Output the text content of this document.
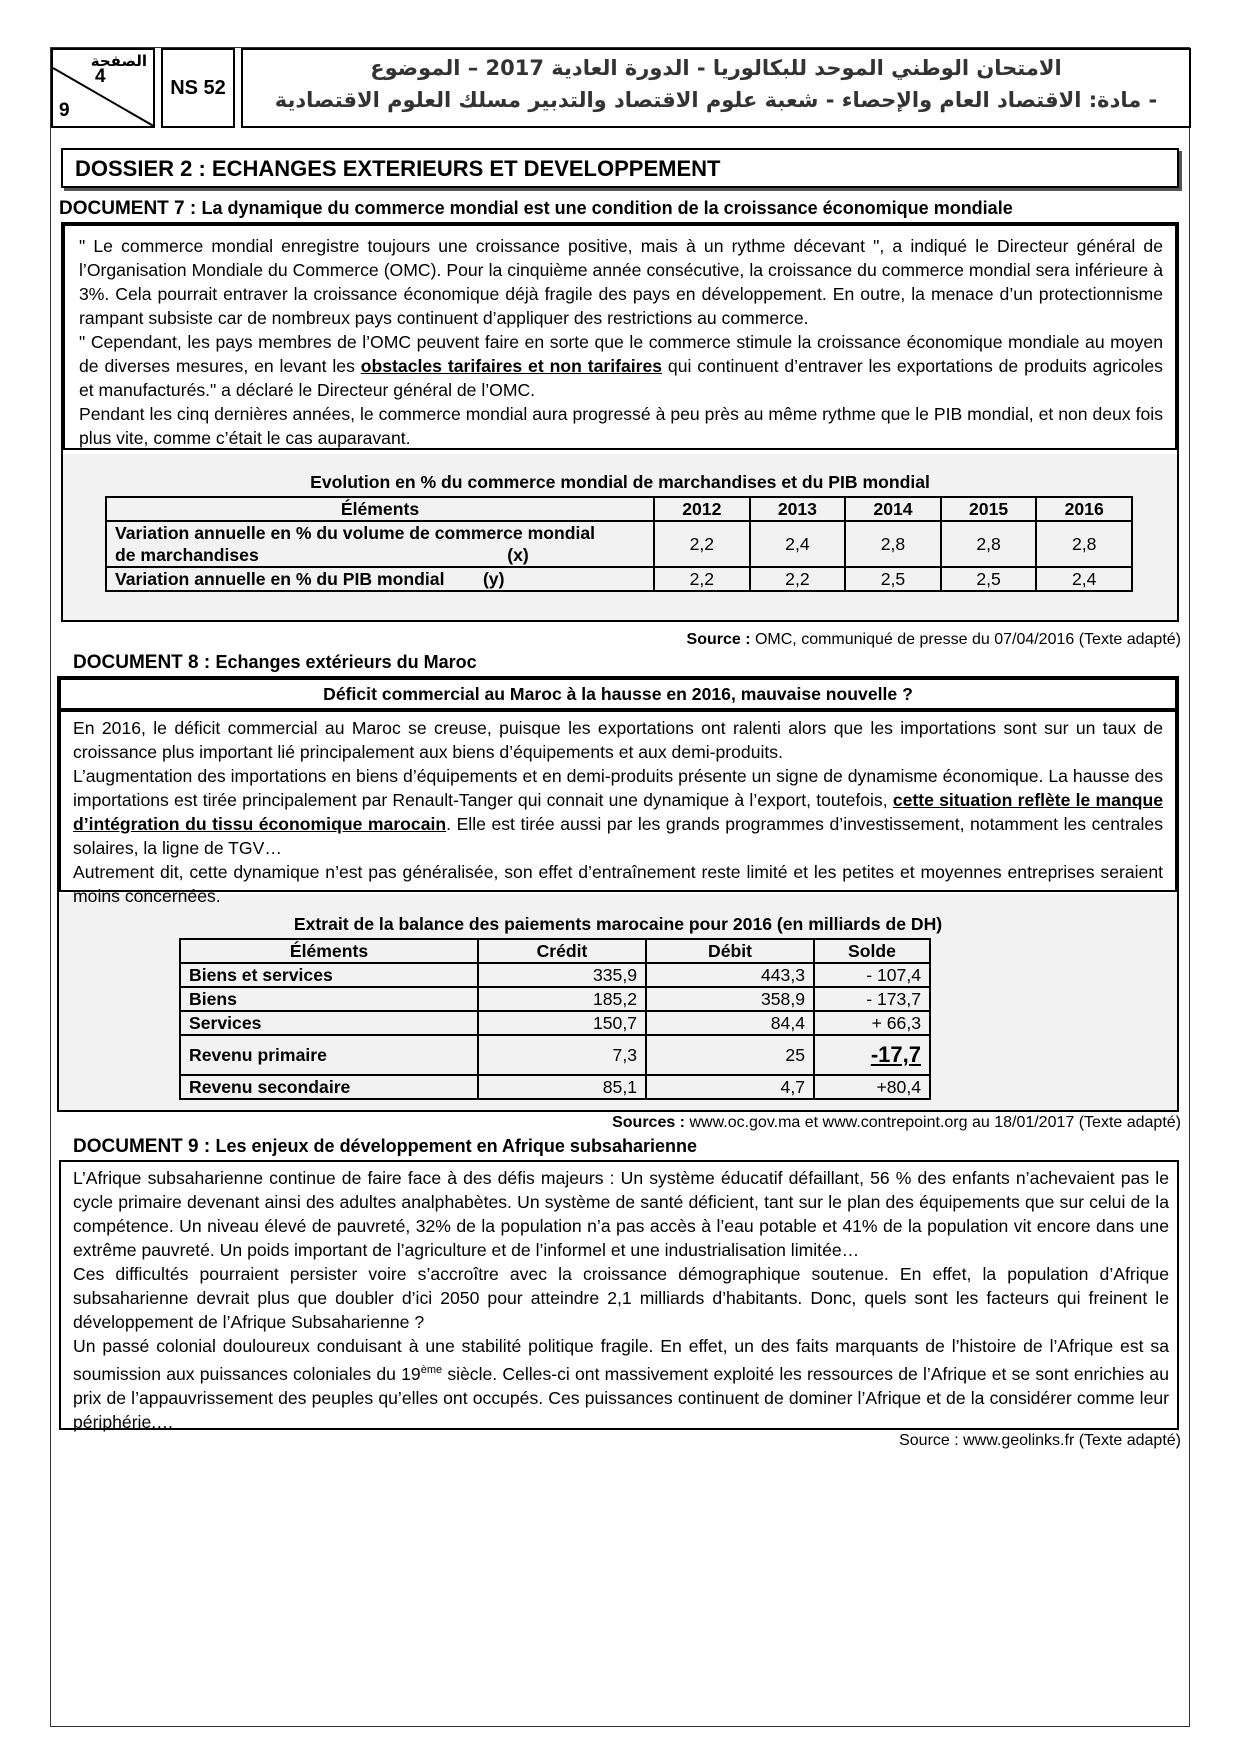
الصفحة
4
9
NS 52
الامتحان الوطني الموحد للبكالوريا - الدورة العادية 2017 – الموضوع
- مادة: الاقتصاد العام والإحصاء - شعبة علوم الاقتصاد والتدبير مسلك العلوم الاقتصادية
DOSSIER 2 : ECHANGES EXTERIEURS ET DEVELOPPEMENT
DOCUMENT 7 : La dynamique du commerce mondial est une condition de la croissance économique mondiale

" Le commerce mondial enregistre toujours une croissance positive, mais à un rythme décevant ", a indiqué le Directeur général de l’Organisation Mondiale du Commerce (OMC). Pour la cinquième année consécutive, la croissance du commerce mondial sera inférieure à 3%. Cela pourrait entraver la croissance économique déjà fragile des pays en développement. En outre, la menace d’un protectionnisme rampant subsiste car de nombreux pays continuent d’appliquer des restrictions au commerce.

" Cependant, les pays membres de l’OMC peuvent faire en sorte que le commerce stimule la croissance économique mondiale au moyen de diverses mesures, en levant les obstacles tarifaires et non tarifaires qui continuent d’entraver les exportations de produits agricoles et manufacturés." a déclaré le Directeur général de l’OMC.

Pendant les cinq dernières années, le commerce mondial aura progressé à peu près au même rythme que le PIB mondial, et non deux fois plus vite, comme c’était le cas auparavant.

Evolution en % du commerce mondial de marchandises et du PIB mondial
Éléments	2012	2013	2014	2015	2016
Variation annuelle en % du volume de commerce mondial
de marchandises (x)	2,2	2,4	2,8	2,8	2,8
Variation annuelle en % du PIB mondial (y)	2,2	2,2	2,5	2,5	2,4
Source : OMC, communiqué de presse du 07/04/2016 (Texte adapté)
DOCUMENT 8 : Echanges extérieurs du Maroc
Déficit commercial au Maroc à la hausse en 2016, mauvaise nouvelle ?

En 2016, le déficit commercial au Maroc se creuse, puisque les exportations ont ralenti alors que les importations sont sur un taux de croissance plus important lié principalement aux biens d’équipements et aux demi-produits.

L’augmentation des importations en biens d’équipements et en demi-produits présente un signe de dynamisme économique. La hausse des importations est tirée principalement par Renault-Tanger qui connait une dynamique à l’export, toutefois, cette situation reflète le manque d’intégration du tissu économique marocain. Elle est tirée aussi par les grands programmes d’investissement, notamment les centrales solaires, la ligne de TGV…

Autrement dit, cette dynamique n’est pas généralisée, son effet d’entraînement reste limité et les petites et moyennes entreprises seraient moins concernées.

Extrait de la balance des paiements marocaine pour 2016 (en milliards de DH)
Éléments	Crédit	Débit	Solde
Biens et services	335,9	443,3	- 107,4
Biens	185,2	358,9	- 173,7
Services	150,7	84,4	+ 66,3
Revenu primaire	7,3	25	-17,7
Revenu secondaire	85,1	4,7	+80,4
Sources : www.oc.gov.ma et www.contrepoint.org au 18/01/2017 (Texte adapté)
DOCUMENT 9 : Les enjeux de développement en Afrique subsaharienne

L’Afrique subsaharienne continue de faire face à des défis majeurs : Un système éducatif défaillant, 56 % des enfants n’achevaient pas le cycle primaire devenant ainsi des adultes analphabètes. Un système de santé déficient, tant sur le plan des équipements que sur celui de la compétence. Un niveau élevé de pauvreté, 32% de la population n’a pas accès à l’eau potable et 41% de la population vit encore dans une extrême pauvreté. Un poids important de l’agriculture et de l’informel et une industrialisation limitée…

Ces difficultés pourraient persister voire s’accroître avec la croissance démographique soutenue. En effet, la population d’Afrique subsaharienne devrait plus que doubler d’ici 2050 pour atteindre 2,1 milliards d’habitants. Donc, quels sont les facteurs qui freinent le développement de l’Afrique Subsaharienne ?

Un passé colonial douloureux conduisant à une stabilité politique fragile. En effet, un des faits marquants de l’histoire de l’Afrique est sa soumission aux puissances coloniales du 19ème siècle. Celles-ci ont massivement exploité les ressources de l’Afrique et se sont enrichies au prix de l’appauvrissement des peuples qu’elles ont occupés. Ces puissances continuent de dominer l’Afrique et de la considérer comme leur périphérie.…

Source : www.geolinks.fr (Texte adapté)
